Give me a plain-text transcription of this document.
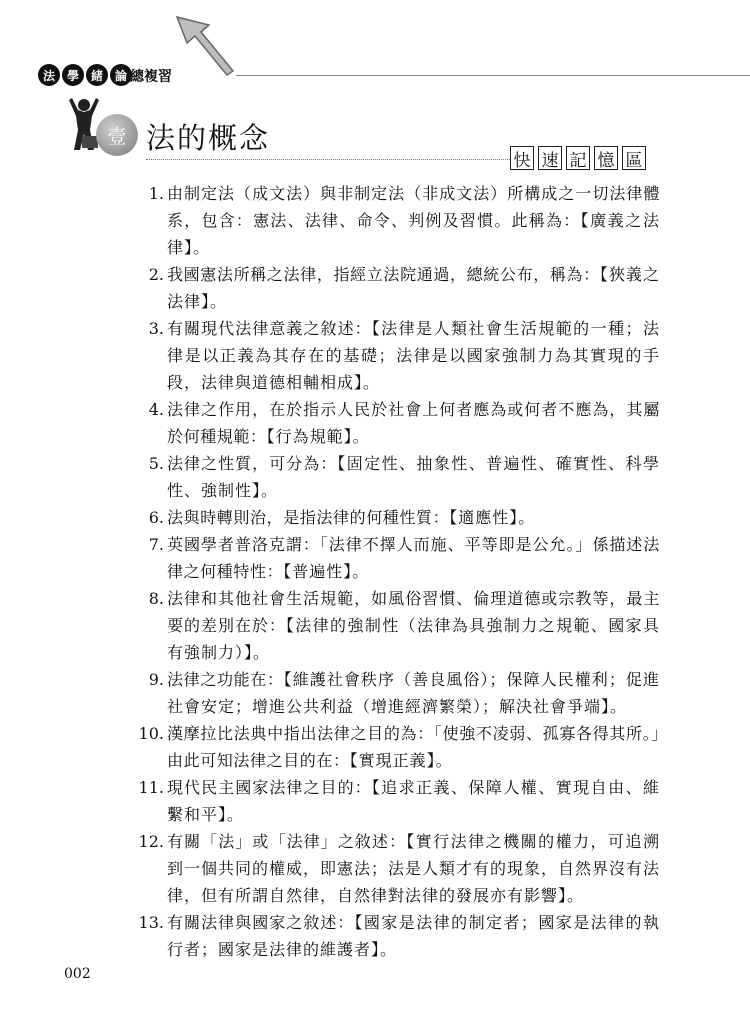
法 學 緒 論 總複習
壹 法的概念
快 速 記 憶 區
1. 由制定法（成文法）與非制定法（非成文法）所構成之一切法律體系，包含：憲法、法律、命令、判例及習慣。此稱為：【廣義之法律】。
2. 我國憲法所稱之法律，指經立法院通過，總統公布，稱為：【狹義之法律】。
3. 有關現代法律意義之敘述：【法律是人類社會生活規範的一種；法律是以正義為其存在的基礎；法律是以國家強制力為其實現的手段，法律與道德相輔相成】。
4. 法律之作用，在於指示人民於社會上何者應為或何者不應為，其屬於何種規範：【行為規範】。
5. 法律之性質，可分為：【固定性、抽象性、普遍性、確實性、科學性、強制性】。
6. 法與時轉則治，是指法律的何種性質：【適應性】。
7. 英國學者普洛克謂：「法律不擇人而施、平等即是公允。」係描述法律之何種特性：【普遍性】。
8. 法律和其他社會生活規範，如風俗習慣、倫理道德或宗教等，最主要的差別在於：【法律的強制性（法律為具強制力之規範、國家具有強制力）】。
9. 法律之功能在：【維護社會秩序（善良風俗）；保障人民權利；促進社會安定；增進公共利益（增進經濟繁榮）；解決社會爭端】。
10. 漢摩拉比法典中指出法律之目的為：「使強不凌弱、孤寡各得其所。」由此可知法律之目的在：【實現正義】。
11. 現代民主國家法律之目的：【追求正義、保障人權、實現自由、維繫和平】。
12. 有關「法」或「法律」之敘述：【實行法律之機關的權力，可追溯到一個共同的權威，即憲法；法是人類才有的現象，自然界沒有法律，但有所謂自然律，自然律對法律的發展亦有影響】。
13. 有關法律與國家之敘述：【國家是法律的制定者；國家是法律的執行者；國家是法律的維護者】。
002
